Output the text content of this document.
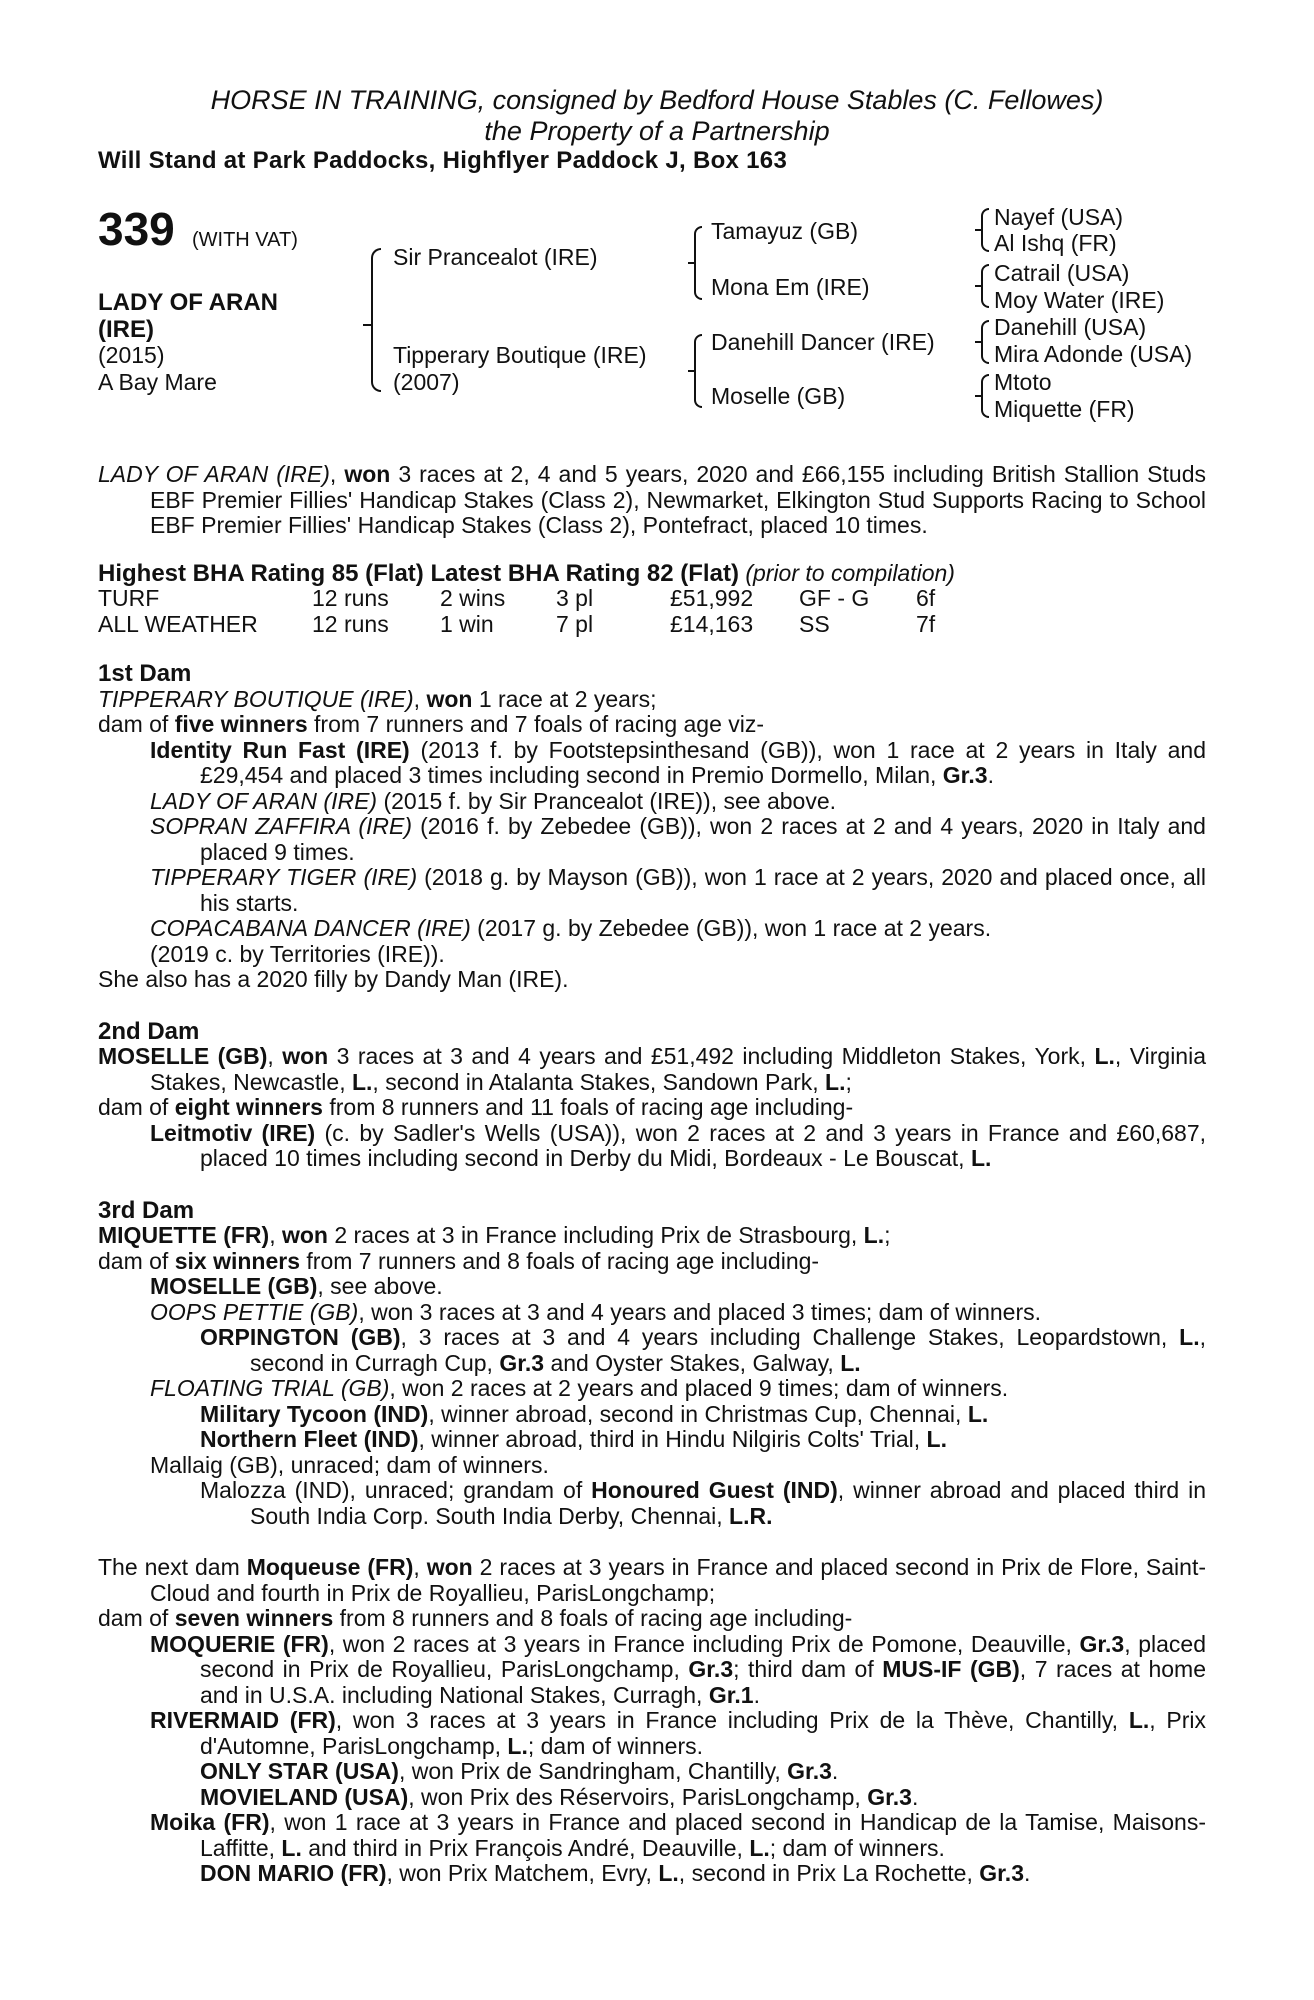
HORSE IN TRAINING, consigned by Bedford House Stables (C. Fellowes)
the Property of a Partnership
Will Stand at Park Paddocks, Highflyer Paddock J, Box 163
339 (WITH VAT)
LADY OF ARAN (IRE)
(2015)
A Bay Mare
Sir Prancealot (IRE)
Tipperary Boutique (IRE)
(2007)
Tamayuz (GB)
Mona Em (IRE)
Danehill Dancer (IRE)
Moselle (GB)
Nayef (USA)
Al Ishq (FR)
Catrail (USA)
Moy Water (IRE)
Danehill (USA)
Mira Adonde (USA)
Mtoto
Miquette (FR)
LADY OF ARAN (IRE), won 3 races at 2, 4 and 5 years, 2020 and £66,155 including British Stallion Studs EBF Premier Fillies' Handicap Stakes (Class 2), Newmarket, Elkington Stud Supports Racing to School EBF Premier Fillies' Handicap Stakes (Class 2), Pontefract, placed 10 times.
Highest BHA Rating 85 (Flat) Latest BHA Rating 82 (Flat) (prior to compilation)
TURF	12 runs 2 wins 3 pl	£51,992 GF - G 6f
ALL WEATHER 12 runs 1 win	7 pl	£14,163 SS	7f
1st Dam
TIPPERARY BOUTIQUE (IRE), won 1 race at 2 years;
dam of five winners from 7 runners and 7 foals of racing age viz-
Identity Run Fast (IRE) (2013 f. by Footstepsinthesand (GB)), won 1 race at 2 years in Italy and £29,454 and placed 3 times including second in Premio Dormello, Milan, Gr.3.
LADY OF ARAN (IRE) (2015 f. by Sir Prancealot (IRE)), see above.
SOPRAN ZAFFIRA (IRE) (2016 f. by Zebedee (GB)), won 2 races at 2 and 4 years, 2020 in Italy and placed 9 times.
TIPPERARY TIGER (IRE) (2018 g. by Mayson (GB)), won 1 race at 2 years, 2020 and placed once, all his starts.
COPACABANA DANCER (IRE) (2017 g. by Zebedee (GB)), won 1 race at 2 years.
(2019 c. by Territories (IRE)).
She also has a 2020 filly by Dandy Man (IRE).
2nd Dam
MOSELLE (GB), won 3 races at 3 and 4 years and £51,492 including Middleton Stakes, York, L., Virginia Stakes, Newcastle, L., second in Atalanta Stakes, Sandown Park, L.;
dam of eight winners from 8 runners and 11 foals of racing age including-
Leitmotiv (IRE) (c. by Sadler's Wells (USA)), won 2 races at 2 and 3 years in France and £60,687, placed 10 times including second in Derby du Midi, Bordeaux - Le Bouscat, L.
3rd Dam
MIQUETTE (FR), won 2 races at 3 in France including Prix de Strasbourg, L.;
dam of six winners from 7 runners and 8 foals of racing age including-
MOSELLE (GB), see above.
OOPS PETTIE (GB), won 3 races at 3 and 4 years and placed 3 times; dam of winners.
ORPINGTON (GB), 3 races at 3 and 4 years including Challenge Stakes, Leopardstown, L., second in Curragh Cup, Gr.3 and Oyster Stakes, Galway, L.
FLOATING TRIAL (GB), won 2 races at 2 years and placed 9 times; dam of winners.
Military Tycoon (IND), winner abroad, second in Christmas Cup, Chennai, L.
Northern Fleet (IND), winner abroad, third in Hindu Nilgiris Colts' Trial, L.
Mallaig (GB), unraced; dam of winners.
Malozza (IND), unraced; grandam of Honoured Guest (IND), winner abroad and placed third in South India Corp. South India Derby, Chennai, L.R.
The next dam Moqueuse (FR), won 2 races at 3 years in France and placed second in Prix de Flore, Saint-Cloud and fourth in Prix de Royallieu, ParisLongchamp;
dam of seven winners from 8 runners and 8 foals of racing age including-
MOQUERIE (FR), won 2 races at 3 years in France including Prix de Pomone, Deauville, Gr.3, placed second in Prix de Royallieu, ParisLongchamp, Gr.3; third dam of MUS-IF (GB), 7 races at home and in U.S.A. including National Stakes, Curragh, Gr.1.
RIVERMAID (FR), won 3 races at 3 years in France including Prix de la Thève, Chantilly, L., Prix d'Automne, ParisLongchamp, L.; dam of winners.
ONLY STAR (USA), won Prix de Sandringham, Chantilly, Gr.3.
MOVIELAND (USA), won Prix des Réservoirs, ParisLongchamp, Gr.3.
Moika (FR), won 1 race at 3 years in France and placed second in Handicap de la Tamise, Maisons-Laffitte, L. and third in Prix François André, Deauville, L.; dam of winners.
DON MARIO (FR), won Prix Matchem, Evry, L., second in Prix La Rochette, Gr.3.
